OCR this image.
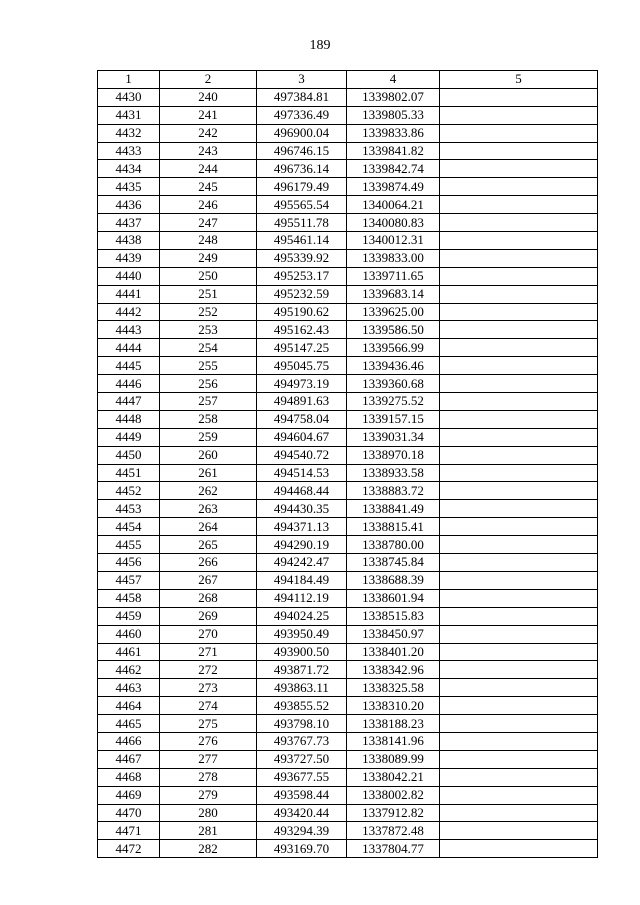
189
1	2	3	4	5
4430	240	497384.81	1339802.07	
4431	241	497336.49	1339805.33	
4432	242	496900.04	1339833.86	
4433	243	496746.15	1339841.82	
4434	244	496736.14	1339842.74	
4435	245	496179.49	1339874.49	
4436	246	495565.54	1340064.21	
4437	247	495511.78	1340080.83	
4438	248	495461.14	1340012.31	
4439	249	495339.92	1339833.00	
4440	250	495253.17	1339711.65	
4441	251	495232.59	1339683.14	
4442	252	495190.62	1339625.00	
4443	253	495162.43	1339586.50	
4444	254	495147.25	1339566.99	
4445	255	495045.75	1339436.46	
4446	256	494973.19	1339360.68	
4447	257	494891.63	1339275.52	
4448	258	494758.04	1339157.15	
4449	259	494604.67	1339031.34	
4450	260	494540.72	1338970.18	
4451	261	494514.53	1338933.58	
4452	262	494468.44	1338883.72	
4453	263	494430.35	1338841.49	
4454	264	494371.13	1338815.41	
4455	265	494290.19	1338780.00	
4456	266	494242.47	1338745.84	
4457	267	494184.49	1338688.39	
4458	268	494112.19	1338601.94	
4459	269	494024.25	1338515.83	
4460	270	493950.49	1338450.97	
4461	271	493900.50	1338401.20	
4462	272	493871.72	1338342.96	
4463	273	493863.11	1338325.58	
4464	274	493855.52	1338310.20	
4465	275	493798.10	1338188.23	
4466	276	493767.73	1338141.96	
4467	277	493727.50	1338089.99	
4468	278	493677.55	1338042.21	
4469	279	493598.44	1338002.82	
4470	280	493420.44	1337912.82	
4471	281	493294.39	1337872.48	
4472	282	493169.70	1337804.77	
